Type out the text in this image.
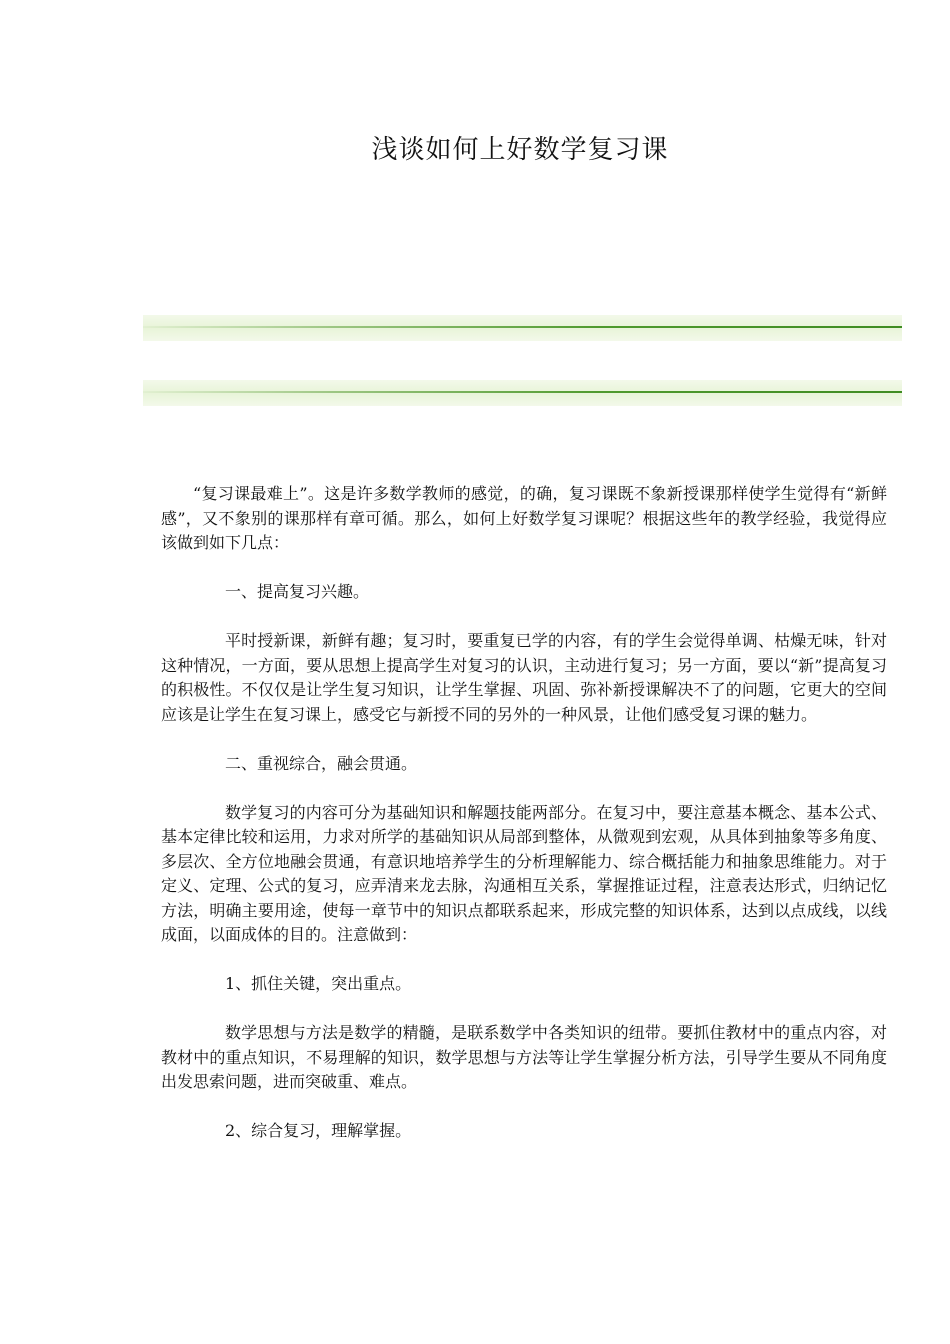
浅谈如何上好数学复习课

“复习课最难上”。这是许多数学教师的感觉，的确，复习课既不象新授课那样使学生觉得有“新鲜感”，又不象别的课那样有章可循。那么，如何上好数学复习课呢？根据这些年的教学经验，我觉得应该做到如下几点：

一、提高复习兴趣。

平时授新课，新鲜有趣；复习时，要重复已学的内容，有的学生会觉得单调、枯燥无味，针对这种情况，一方面，要从思想上提高学生对复习的认识，主动进行复习；另一方面，要以“新”提高复习的积极性。不仅仅是让学生复习知识，让学生掌握、巩固、弥补新授课解决不了的问题，它更大的空间应该是让学生在复习课上，感受它与新授不同的另外的一种风景，让他们感受复习课的魅力。

二、重视综合，融会贯通。

数学复习的内容可分为基础知识和解题技能两部分。在复习中，要注意基本概念、基本公式、基本定律比较和运用，力求对所学的基础知识从局部到整体，从微观到宏观，从具体到抽象等多角度、多层次、全方位地融会贯通，有意识地培养学生的分析理解能力、综合概括能力和抽象思维能力。对于定义、定理、公式的复习，应弄清来龙去脉，沟通相互关系，掌握推证过程，注意表达形式，归纳记忆方法，明确主要用途，使每一章节中的知识点都联系起来，形成完整的知识体系，达到以点成线，以线成面，以面成体的目的。注意做到：

1、抓住关键，突出重点。

数学思想与方法是数学的精髓，是联系数学中各类知识的纽带。要抓住教材中的重点内容，对教材中的重点知识，不易理解的知识，数学思想与方法等让学生掌握分析方法，引导学生要从不同角度出发思索问题，进而突破重、难点。

2、综合复习，理解掌握。
